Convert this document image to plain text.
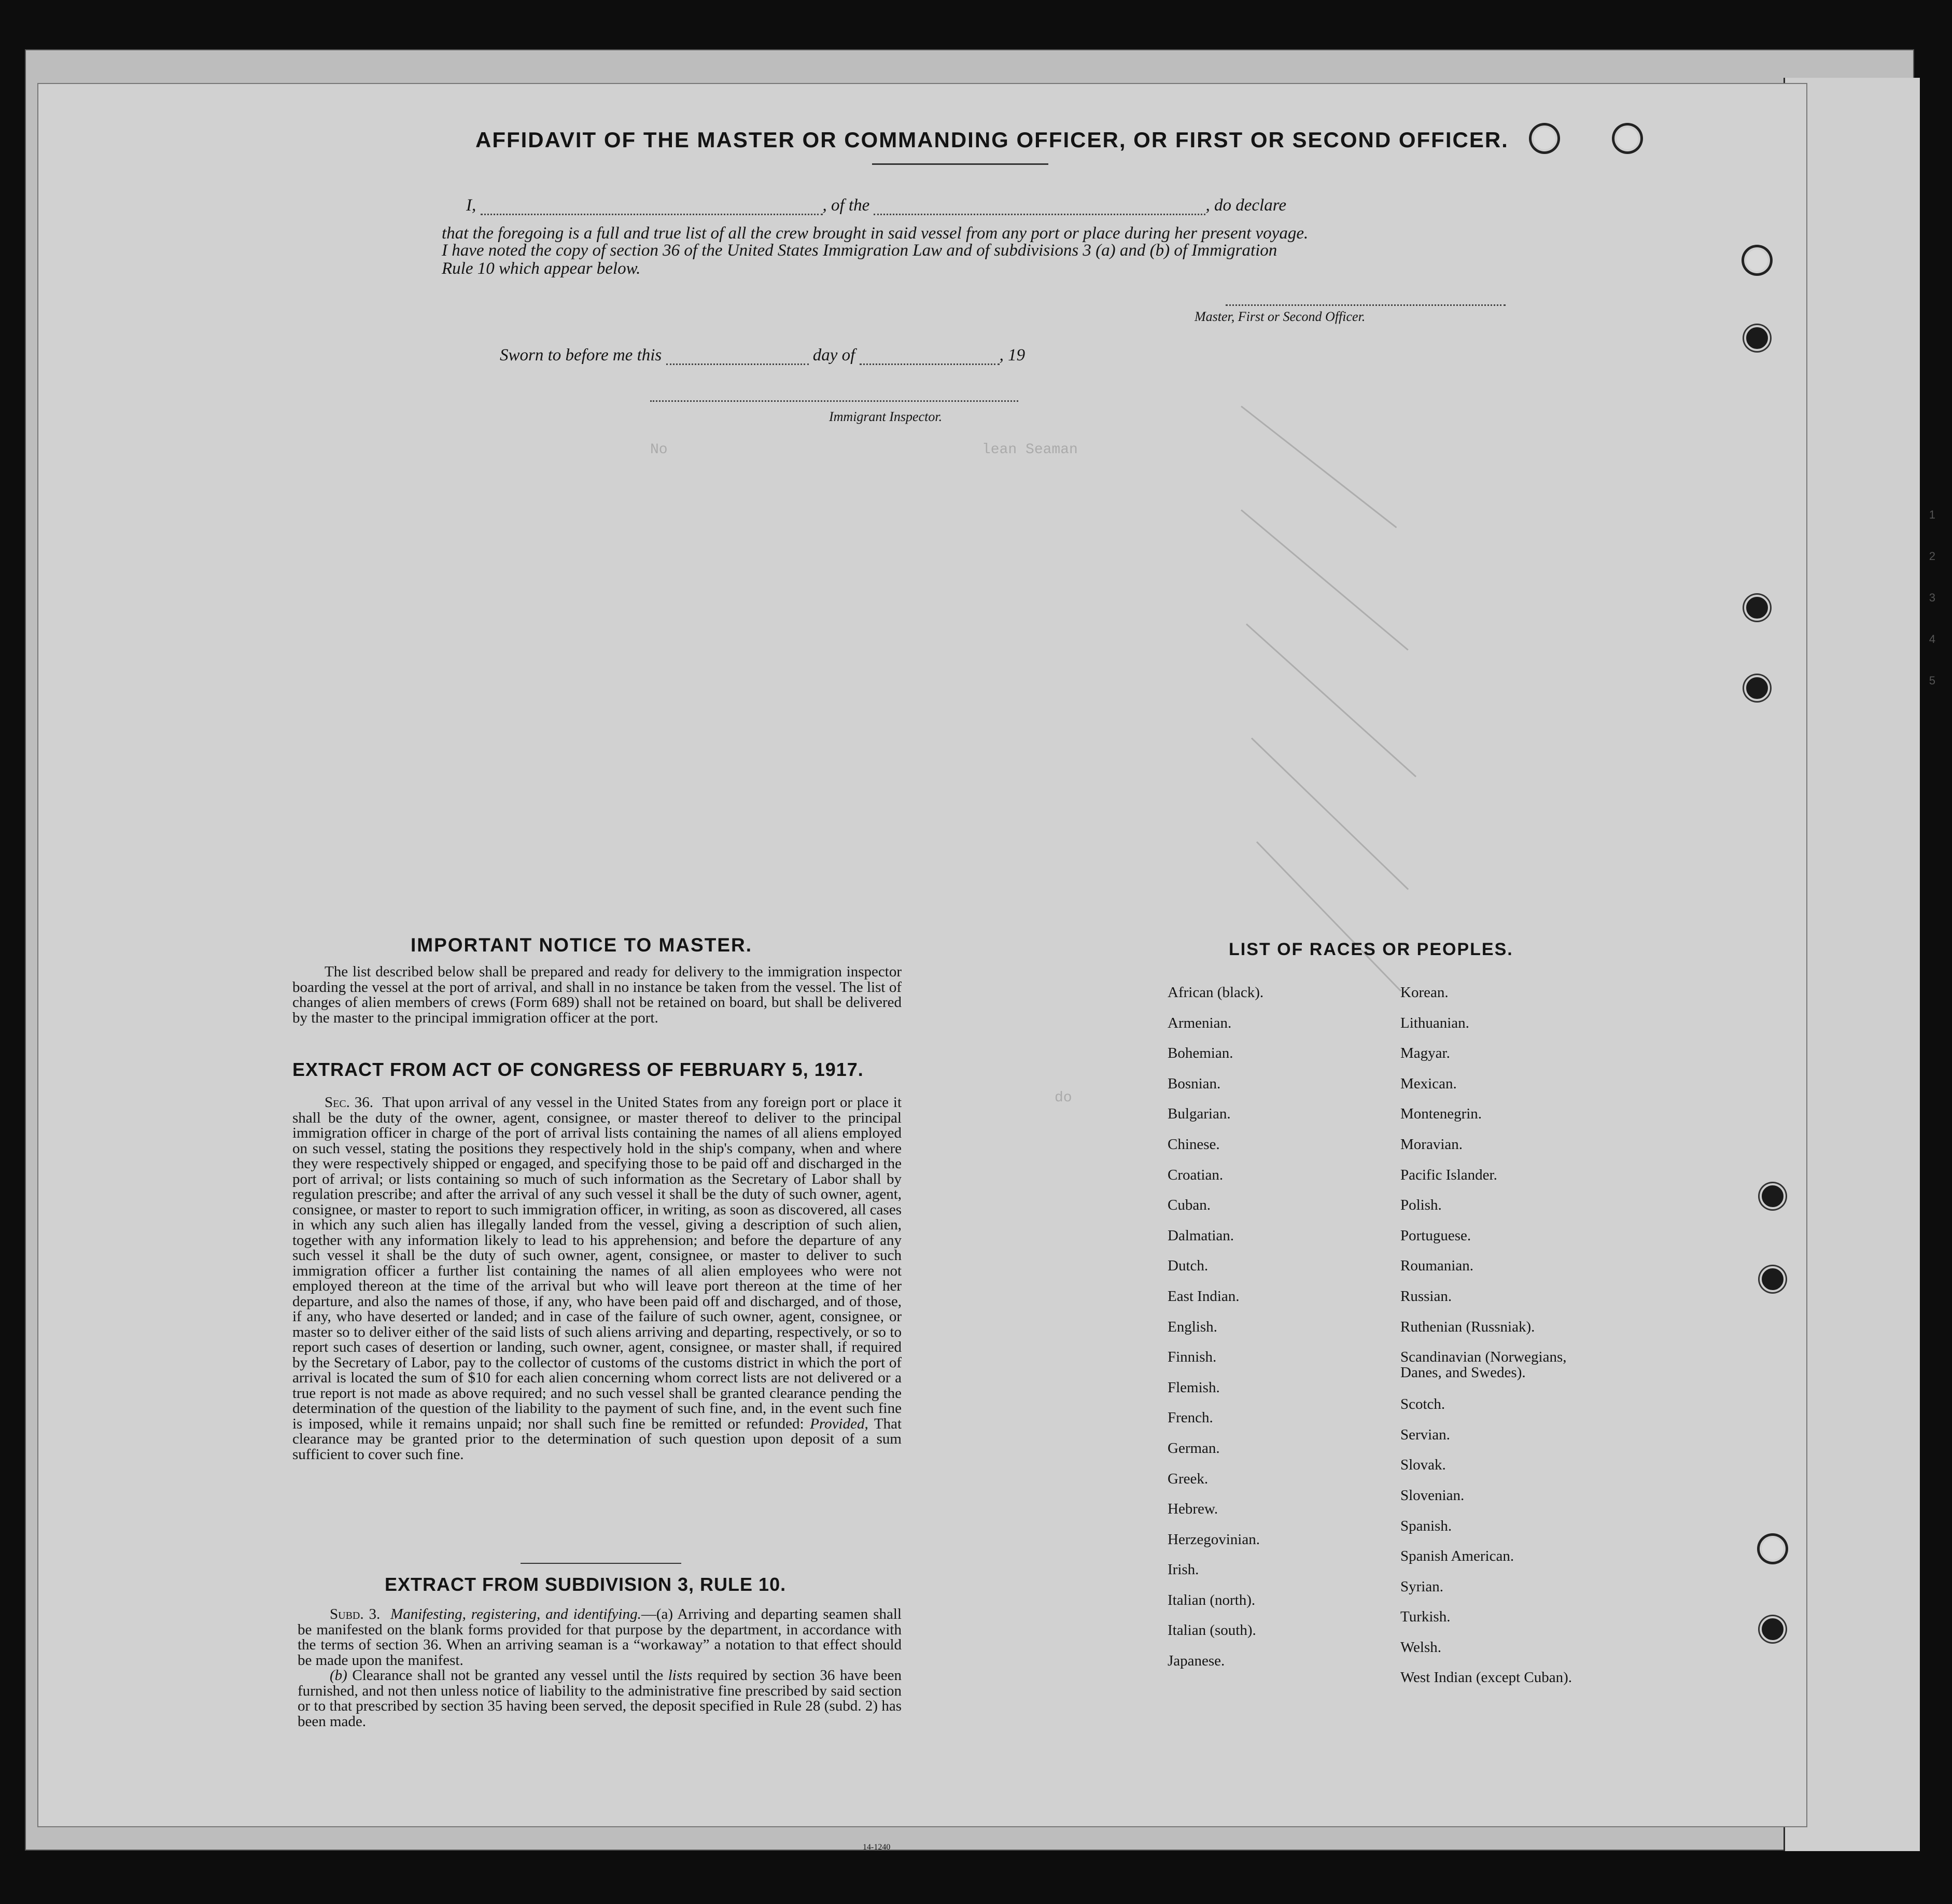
1
2
3
4
5
lean Seaman
No
do
AFFIDAVIT OF THE MASTER OR COMMANDING OFFICER, OR FIRST OR SECOND OFFICER.
I,	, of the	, do declare
that the foregoing is a full and true list of all the crew brought in said vessel from any port or place during her present voyage.
I have noted the copy of section 36 of the United States Immigration Law and of subdivisions 3 (a) and (b) of Immigration
Rule 10 which appear below.
Master, First or Second Officer.
Sworn to before me this	day of	, 19
Immigrant Inspector.
IMPORTANT NOTICE TO MASTER.

The list described below shall be prepared and ready for delivery to the immigration inspector boarding the vessel at the port of arrival, and shall in no instance be taken from the vessel. The list of changes of alien members of crews (Form 689) shall not be retained on board, but shall be delivered by the master to the principal immigration officer at the port.

EXTRACT FROM ACT OF CONGRESS OF FEBRUARY 5, 1917.

Sec. 36. That upon arrival of any vessel in the United States from any foreign port or place it shall be the duty of the owner, agent, consignee, or master thereof to deliver to the principal immigration officer in charge of the port of arrival lists containing the names of all aliens employed on such vessel, stating the positions they respectively hold in the ship's company, when and where they were respectively shipped or engaged, and specifying those to be paid off and discharged in the port of arrival; or lists containing so much of such information as the Secretary of Labor shall by regulation prescribe; and after the arrival of any such vessel it shall be the duty of such owner, agent, consignee, or master to report to such immigration officer, in writing, as soon as discovered, all cases in which any such alien has illegally landed from the vessel, giving a description of such alien, together with any information likely to lead to his apprehension; and before the departure of any such vessel it shall be the duty of such owner, agent, consignee, or master to deliver to such immigration officer a further list containing the names of all alien employees who were not employed thereon at the time of the arrival but who will leave port thereon at the time of her departure, and also the names of those, if any, who have been paid off and discharged, and of those, if any, who have deserted or landed; and in case of the failure of such owner, agent, consignee, or master so to deliver either of the said lists of such aliens arriving and departing, respectively, or so to report such cases of desertion or landing, such owner, agent, consignee, or master shall, if required by the Secretary of Labor, pay to the collector of customs of the customs district in which the port of arrival is located the sum of $10 for each alien concerning whom correct lists are not delivered or a true report is not made as above required; and no such vessel shall be granted clearance pending the determination of the question of the liability to the payment of such fine, and, in the event such fine is imposed, while it remains unpaid; nor shall such fine be remitted or refunded: Provided, That clearance may be granted prior to the determination of such question upon deposit of a sum sufficient to cover such fine.

EXTRACT FROM SUBDIVISION 3, RULE 10.

Subd. 3. Manifesting, registering, and identifying.—(a) Arriving and departing seamen shall be manifested on the blank forms provided for that purpose by the department, in accordance with the terms of section 36. When an arriving seaman is a “workaway” a notation to that effect should be made upon the manifest.

(b) Clearance shall not be granted any vessel until the lists required by section 36 have been furnished, and not then unless notice of liability to the administrative fine prescribed by said section or to that prescribed by section 35 having been served, the deposit specified in Rule 28 (subd. 2) has been made.

14-1240
LIST OF RACES OR PEOPLES.
African (black).
Armenian.
Bohemian.
Bosnian.
Bulgarian.
Chinese.
Croatian.
Cuban.
Dalmatian.
Dutch.
East Indian.
English.
Finnish.
Flemish.
French.
German.
Greek.
Hebrew.
Herzegovinian.
Irish.
Italian (north).
Italian (south).
Japanese.
Korean.
Lithuanian.
Magyar.
Mexican.
Montenegrin.
Moravian.
Pacific Islander.
Polish.
Portuguese.
Roumanian.
Russian.
Ruthenian (Russniak).
Scandinavian (Norwegians, Danes, and Swedes).
Scotch.
Servian.
Slovak.
Slovenian.
Spanish.
Spanish American.
Syrian.
Turkish.
Welsh.
West Indian (except Cuban).
